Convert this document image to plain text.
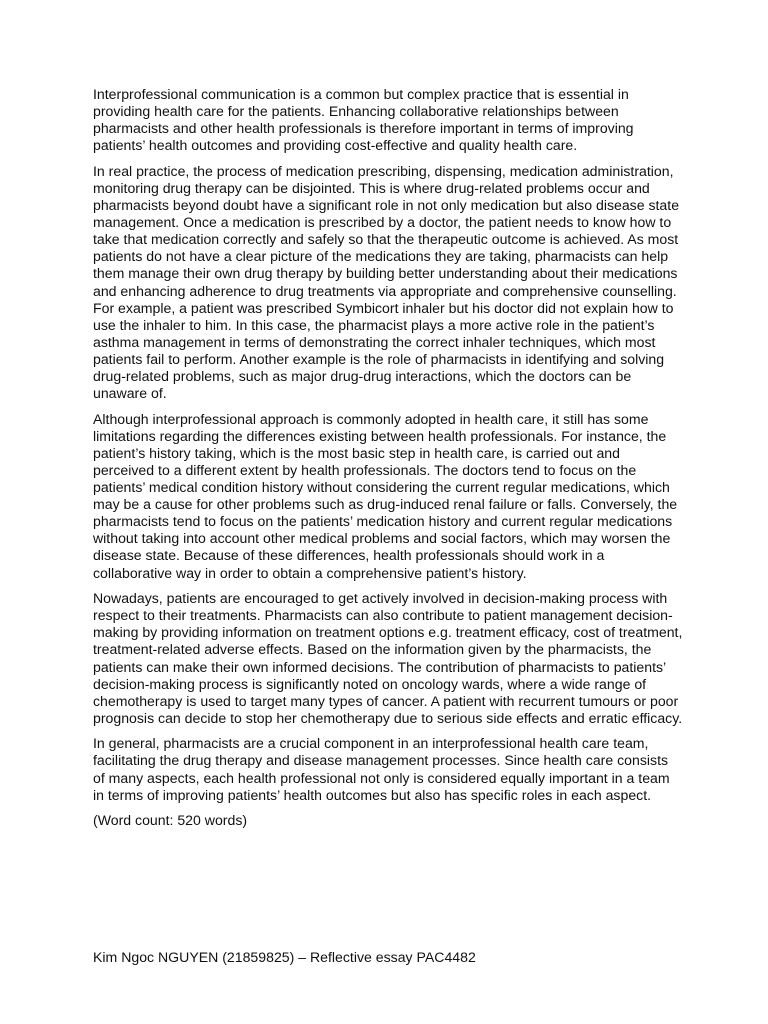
Interprofessional communication is a common but complex practice that is essential in providing health care for the patients. Enhancing collaborative relationships between pharmacists and other health professionals is therefore important in terms of improving patients’ health outcomes and providing cost-effective and quality health care.

In real practice, the process of medication prescribing, dispensing, medication administration, monitoring drug therapy can be disjointed. This is where drug-related problems occur and pharmacists beyond doubt have a significant role in not only medication but also disease state management. Once a medication is prescribed by a doctor, the patient needs to know how to take that medication correctly and safely so that the therapeutic outcome is achieved. As most patients do not have a clear picture of the medications they are taking, pharmacists can help them manage their own drug therapy by building better understanding about their medications and enhancing adherence to drug treatments via appropriate and comprehensive counselling. For example, a patient was prescribed Symbicort inhaler but his doctor did not explain how to use the inhaler to him. In this case, the pharmacist plays a more active role in the patient’s asthma management in terms of demonstrating the correct inhaler techniques, which most patients fail to perform. Another example is the role of pharmacists in identifying and solving drug-related problems, such as major drug-drug interactions, which the doctors can be unaware of.

Although interprofessional approach is commonly adopted in health care, it still has some limitations regarding the differences existing between health professionals. For instance, the patient’s history taking, which is the most basic step in health care, is carried out and perceived to a different extent by health professionals. The doctors tend to focus on the patients’ medical condition history without considering the current regular medications, which may be a cause for other problems such as drug-induced renal failure or falls. Conversely, the pharmacists tend to focus on the patients’ medication history and current regular medications without taking into account other medical problems and social factors, which may worsen the disease state. Because of these differences, health professionals should work in a collaborative way in order to obtain a comprehensive patient’s history.

Nowadays, patients are encouraged to get actively involved in decision-making process with respect to their treatments. Pharmacists can also contribute to patient management decision-making by providing information on treatment options e.g. treatment efficacy, cost of treatment, treatment-related adverse effects. Based on the information given by the pharmacists, the patients can make their own informed decisions. The contribution of pharmacists to patients’ decision-making process is significantly noted on oncology wards, where a wide range of chemotherapy is used to target many types of cancer. A patient with recurrent tumours or poor prognosis can decide to stop her chemotherapy due to serious side effects and erratic efficacy.

In general, pharmacists are a crucial component in an interprofessional health care team, facilitating the drug therapy and disease management processes. Since health care consists of many aspects, each health professional not only is considered equally important in a team in terms of improving patients’ health outcomes but also has specific roles in each aspect.

(Word count: 520 words)

Kim Ngoc NGUYEN (21859825) – Reflective essay PAC4482
